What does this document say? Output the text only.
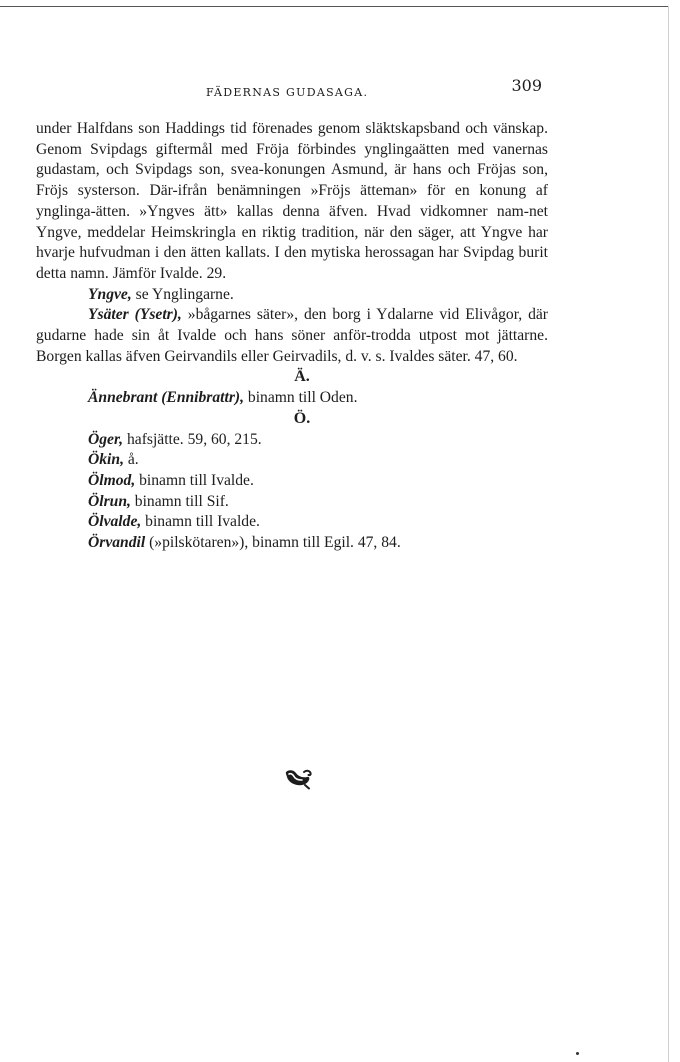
FÄDERNAS GUDASAGA.	309

under Halfdans son Haddings tid förenades genom släktskapsband och vänskap. Genom Svipdags giftermål med Fröja förbindes ynglingaätten med vanernas gudastam, och Svipdags son, svea-konungen Asmund, är hans och Fröjas son, Fröjs systerson. Där-ifrån benämningen »Fröjs ätteman» för en konung af ynglinga-ätten. »Yngves ätt» kallas denna äfven. Hvad vidkomner nam-net Yngve, meddelar Heimskringla en riktig tradition, när den säger, att Yngve har hvarje hufvudman i den ätten kallats. I den mytiska herossagan har Svipdag burit detta namn. Jämför Ivalde. 29.

Yngve, se Ynglingarne.

Ysäter (Ysetr), »bågarnes säter», den borg i Ydalarne vid Elivågor, där gudarne hade sin åt Ivalde och hans söner anför-trodda utpost mot jättarne. Borgen kallas äfven Geirvandils eller Geirvadils, d. v. s. Ivaldes säter. 47, 60.

Ä.

Ännebrant (Ennibrattr), binamn till Oden.

Ö.

Öger, hafsjätte. 59, 60, 215.

Ökin, å.

Ölmod, binamn till Ivalde.

Ölrun, binamn till Sif.

Ölvalde, binamn till Ivalde.

Örvandil (»pilskötaren»), binamn till Egil. 47, 84.
